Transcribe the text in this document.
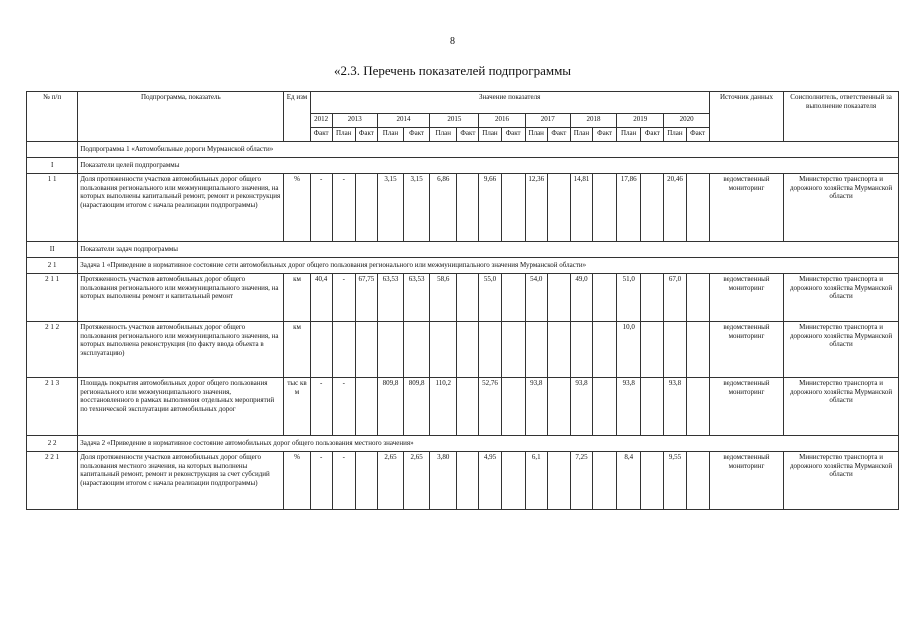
8
«2.3. Перечень показателей подпрограммы
№ п/п	Подпрограмма, показатель	Ед изм	Значение показателя																	Источник данных	Соисполнитель, ответственный за выполнение показателя
			2012	2013		2014		2015		2016		2017		2018		2019		2020			
			Факт	План	Факт	План	Факт	План	Факт	План	Факт	План	Факт	План	Факт	План	Факт	План	Факт		
	Подпрограмма 1 «Автомобильные дороги Мурманской области»																				
I	Показатели целей подпрограммы																				
1 1	Доля протяженности участков автомобильных дорог общего пользования регионального или межмуниципального значения, на которых выполнены капитальный ремонт, ремонт и реконструкция (нарастающим итогом с начала реализации подпрограммы)	%	-	-		3,15	3,15	6,86		9,66		12,36		14,81		17,86		20,46		ведомственный мониторинг	Министерство транспорта и дорожного хозяйства Мурманской области
II	Показатели задач подпрограммы																				
2 1	Задача 1 «Приведение в нормативное состояние сети автомобильных дорог общего пользования регионального или межмуниципального значения Мурманской области»																				
2 1 1	Протяженность участков автомобильных дорог общего пользования регионального или межмуниципального значения, на которых выполнены ремонт и капитальный ремонт	км	40,4	-	67,75	63,53	63,53	58,6		55,0		54,0		49,0		51,0		67,0		ведомственный мониторинг	Министерство транспорта и дорожного хозяйства Мурманской области
2 1 2	Протяженность участков автомобильных дорог общего пользования регионального или межмуниципального значения, на которых выполнена реконструкция (по факту ввода объекта в эксплуатацию)	км														10,0				ведомственный мониторинг	Министерство транспорта и дорожного хозяйства Мурманской области
2 1 3	Площадь покрытия автомобильных дорог общего пользования регионального или межмуниципального значения, восстановленного в рамках выполнения отдельных мероприятий по технической эксплуатации автомобильных дорог	тыс кв м	-	-		809,8	809,8	110,2		52,76		93,8		93,8		93,8		93,8		ведомственный мониторинг	Министерство транспорта и дорожного хозяйства Мурманской области
2 2	Задача 2 «Приведение в нормативное состояние автомобильных дорог общего пользования местного значения»																				
2 2 1	Доля протяженности участков автомобильных дорог общего пользования местного значения, на которых выполнены капитальный ремонт, ремонт и реконструкция за счет субсидий (нарастающим итогом с начала реализации подпрограммы)	%	-	-		2,65	2,65	3,80		4,95		6,1		7,25		8,4		9,55		ведомственный мониторинг	Министерство транспорта и дорожного хозяйства Мурманской области
